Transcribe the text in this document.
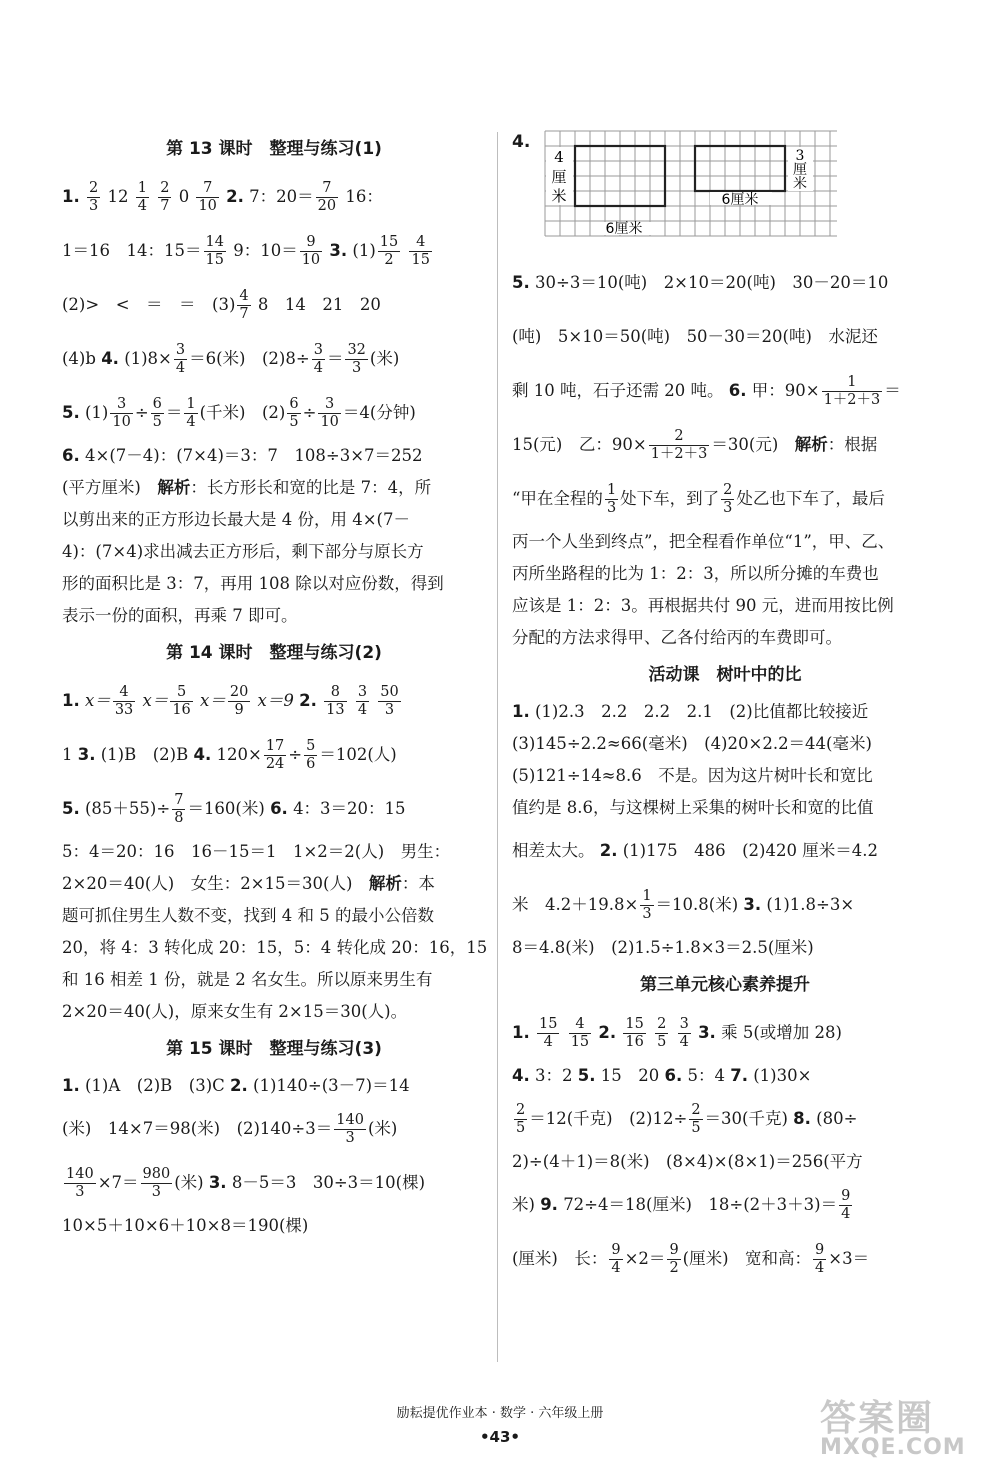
第 13 课时　整理与练习(1)
1. $\frac{2}{3} 12 \frac{1}{4}$
$\frac{2}{7} 0 \frac{7}{10} 2$. 7：$20= \frac{7}{20} 16$：
1＝16　14：$15= \frac{14}{15} 9$：$10= \frac{9}{10} 3$. $(1) \frac{15}{2}$
$\frac{4}{15}$
(2)>　<　＝　＝　$(3) \frac{4}{7} 8$　14　21　20
(4)b 4. $(1)8\times \frac{3}{4} =6$(米)　$(2)8\div \frac{3}{4} = \frac{32}{3}$ (米)
5. $(1) \frac{3}{10} \div \frac{6}{5} = \frac{1}{4}$ (千米)　$(2) \frac{6}{5} \div \frac{3}{10} =4$(分钟)
6. 4×(7－4)：(7×4)＝3：7　108÷3×7＝252
(平方厘米)　解析：长方形长和宽的比是 7：4，所
以剪出来的正方形边长最大是 4 份，用 4×(7－
4)：(7×4)求出减去正方形后，剩下部分与原长方
形的面积比是 3：7，再用 108 除以对应份数，得到
表示一份的面积，再乘 7 即可。
第 14 课时　整理与练习(2)
1. $x= \frac{4}{33} x= \frac{5}{16} x= \frac{20}{9} x=9$ 2. $\frac{8}{13}$
$\frac{3}{4}$
$\frac{50}{3}$
1 3. (1)B　(2)B 4. $120\times \frac{17}{24} \div \frac{5}{6} =102$(人)
5. $(85+55)\div \frac{7}{8} =160$(米) 6. 4：3＝20：15
5：4＝20：16　16－15＝1　1×2＝2(人)　男生：
2×20＝40(人)　女生：2×15＝30(人)　解析：本
题可抓住男生人数不变，找到 4 和 5 的最小公倍数
20，将 4：3 转化成 20：15，5：4 转化成 20：16，15
和 16 相差 1 份，就是 2 名女生。所以原来男生有
2×20＝40(人)，原来女生有 2×15＝30(人)。
第 15 课时　整理与练习(3)
1. (1)A　(2)B　(3)C 2. (1)140÷(3－7)＝14
(米)　14×7＝98(米)　$(2)140\div 3= \frac{140}{3}$ (米)
$\frac{140}{3} \times 7= \frac{980}{3}$ (米) 3. 8－5＝3　30÷3＝10(棵)
10×5＋10×6＋10×8＝190(棵)
4.
4
厘
米
6厘米
3
厘
米
6厘米
5. 30÷3＝10(吨)　2×10＝20(吨)　30－20＝10
(吨)　5×10＝50(吨)　50－30＝20(吨)　水泥还
剩 10 吨，石子还需 20 吨。 6. 甲：$90\times \frac{1}{1+2+3}$ ＝
15(元)　乙：$90\times \frac{2}{1+2+3} =30$(元)　解析：根据
“甲在全程的 $\frac{1}{3}$ 处下车，到了 $\frac{2}{3}$ 处乙也下车了，最后
丙一个人坐到终点”，把全程看作单位“1”，甲、乙、
丙所坐路程的比为 1：2：3，所以所分摊的车费也
应该是 1：2：3。再根据共付 90 元，进而用按比例
分配的方法求得甲、乙各付给丙的车费即可。
活动课　树叶中的比
1. (1)2.3　2.2　2.2　2.1　(2)比值都比较接近
(3)145÷2.2≈66(毫米)　(4)20×2.2＝44(毫米)
(5)121÷14≈8.6　不是。因为这片树叶长和宽比
值约是 8.6，与这棵树上采集的树叶长和宽的比值
相差太大。 2. (1)175　486　(2)420 厘米＝4.2
米　$4.2+19.8\times \frac{1}{3} =10.8$(米) 3. (1)1.8÷3×
8＝4.8(米)　(2)1.5÷1.8×3＝2.5(厘米)
第三单元核心素养提升
1. $\frac{15}{4}$
$\frac{4}{15} 2$. $\frac{15}{16}$
$\frac{2}{5}$
$\frac{3}{4} 3$. 乘 5(或增加 28)
4. 3：2 5. 15　20 6. 5：4 7. (1)30×
$\frac{2}{5} =12$(千克)　$(2)12\div \frac{2}{5} =30$(千克) 8. (80÷
2)÷(4＋1)＝8(米)　(8×4)×(8×1)＝256(平方
米) 9. 72÷4＝18(厘米)　$18\div(2+3+3)= \frac{9}{4}$
(厘米)　长： $\frac{9}{4} \times 2= \frac{9}{2}$ (厘米)　宽和高： $\frac{9}{4} \times 3=$
励耘提优作业本 · 数学 · 六年级上册
•43•	答案圈
MXQE.COM
